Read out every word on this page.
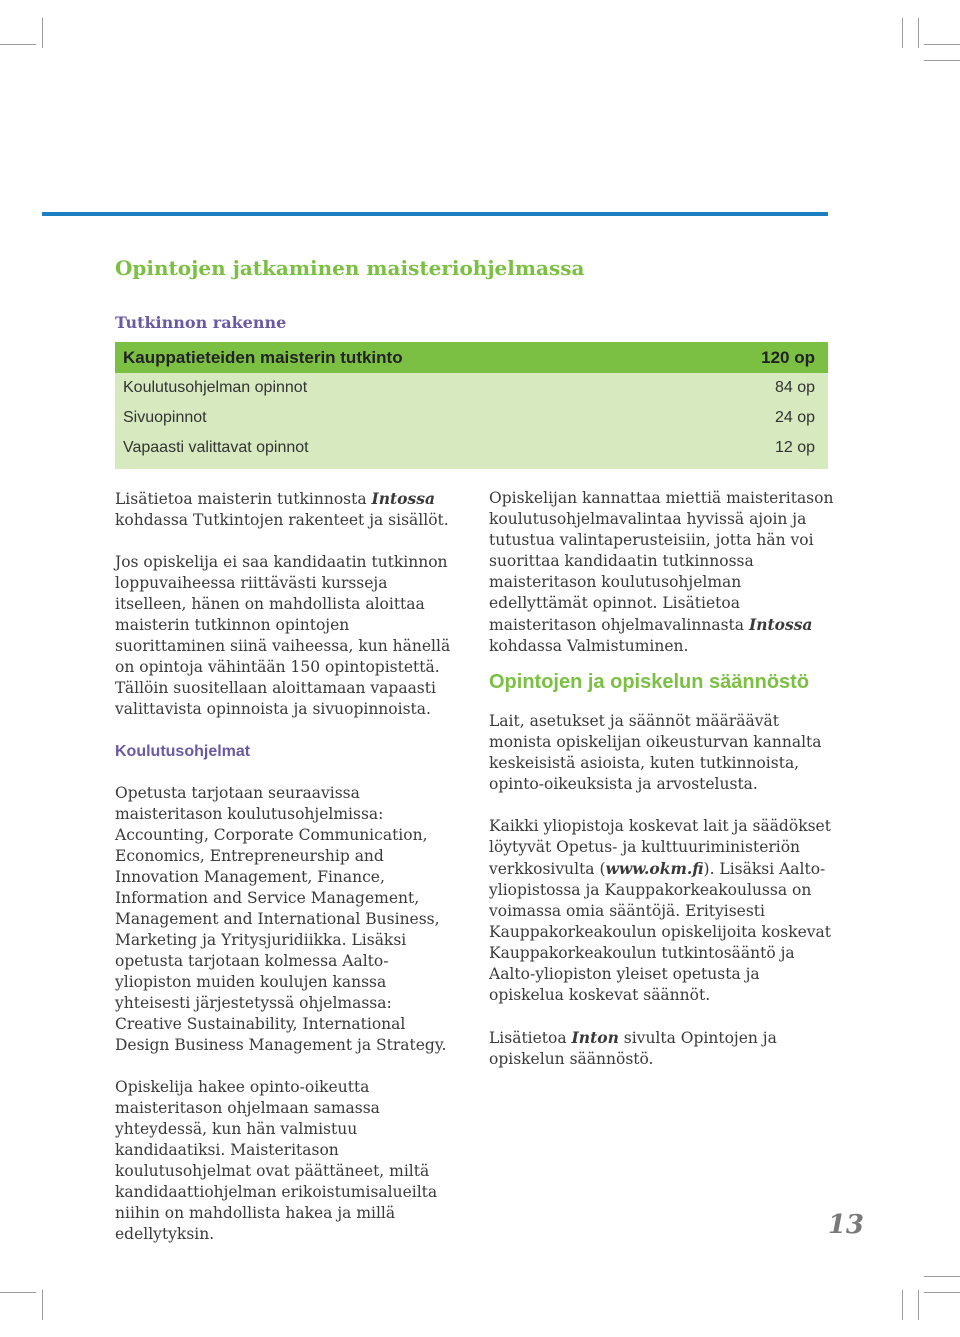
Opintojen jatkaminen maisteriohjelmassa
Tutkinnon rakenne
Kauppatieteiden maisterin tutkinto	120 op
Koulutusohjelman opinnot	84 op
Sivuopinnot	24 op
Vapaasti valittavat opinnot	12 op

Lisätietoa maisterin tutkinnosta Intossa kohdassa Tutkintojen rakenteet ja sisällöt.

Jos opiskelija ei saa kandidaatin tutkinnon loppuvaiheessa riittävästi kursseja itselleen, hänen on mahdollista aloittaa maisterin tutkinnon opintojen suorittaminen siinä vaiheessa, kun hänellä on opintoja vähintään 150 opintopistettä. Tällöin suositellaan aloittamaan vapaasti valittavista opinnoista ja sivuopinnoista.

Koulutusohjelmat

Opetusta tarjotaan seuraavissa maisteritason koulutusohjelmissa: Accounting, Corporate Communication, Economics, Entrepreneurship and Innovation Management, Finance, Information and Service Management, Management and International Business, Marketing ja Yritysjuridiikka. Lisäksi opetusta tarjotaan kolmessa Aalto-yliopiston muiden koulujen kanssa yhteisesti järjestetyssä ohjelmassa: Creative Sustainability, International Design Business Management ja Strategy.

Opiskelija hakee opinto-oikeutta maisteritason ohjelmaan samassa yhteydessä, kun hän valmistuu kandidaatiksi. Maisteritason koulutusohjelmat ovat päättäneet, miltä kandidaattiohjelman erikoistumisalueilta niihin on mahdollista hakea ja millä edellytyksin.

Opiskelijan kannattaa miettiä maisteritason koulutusohjelmavalintaa hyvissä ajoin ja tutustua valintaperusteisiin, jotta hän voi suorittaa kandidaatin tutkinnossa maisteritason koulutusohjelman edellyttämät opinnot. Lisätietoa maisteritason ohjelmavalinnasta Intossa kohdassa Valmistuminen.

Opintojen ja opiskelun säännöstö

Lait, asetukset ja säännöt määräävät monista opiskelijan oikeusturvan kannalta keskeisistä asioista, kuten tutkinnoista, opinto-oikeuksista ja arvostelusta.

Kaikki yliopistoja koskevat lait ja säädökset löytyvät Opetus- ja kulttuuriministeriön verkkosivulta (www.okm.fi). Lisäksi Aalto-yliopistossa ja Kauppakorkeakoulussa on voimassa omia sääntöjä. Erityisesti Kauppakorkeakoulun opiskelijoita koskevat Kauppakorkeakoulun tutkintosääntö ja Aalto-yliopiston yleiset opetusta ja opiskelua koskevat säännöt.

Lisätietoa Inton sivulta Opintojen ja opiskelun säännöstö.

13
